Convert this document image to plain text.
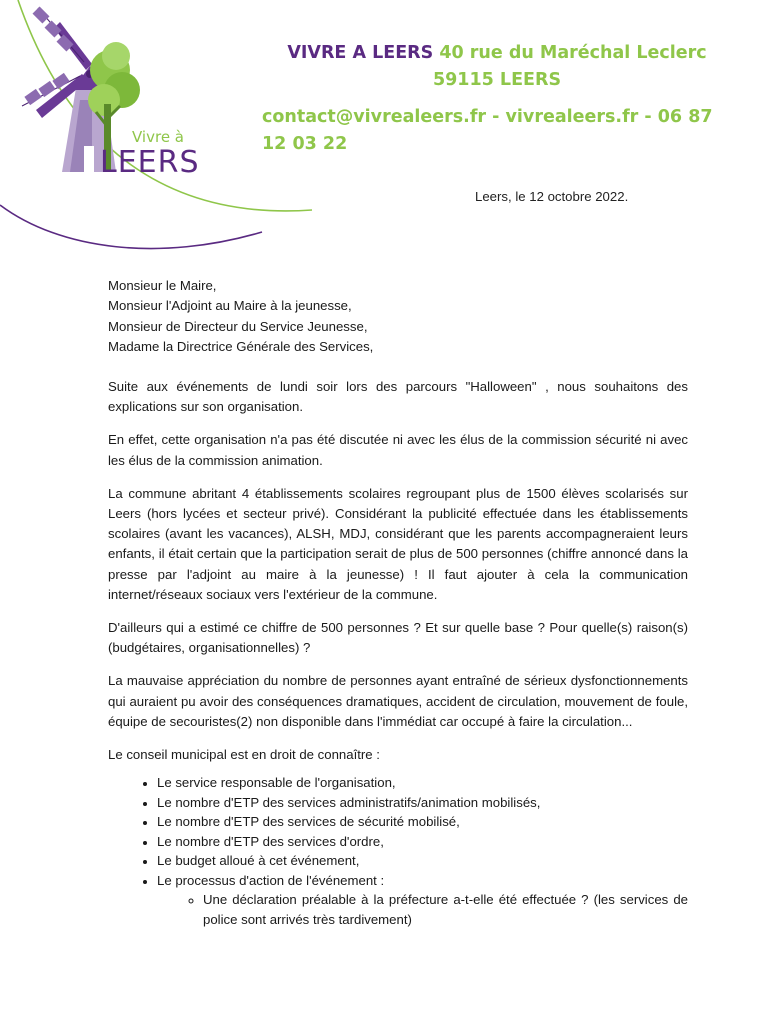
Vivre à
LEERS
VIVRE A LEERS 40 rue du Maréchal Leclerc
59115 LEERS
contact@vivrealeers.fr - vivrealeers.fr - 06 87 12 03 22
Leers, le 12 octobre 2022.
Monsieur le Maire,
Monsieur l'Adjoint au Maire à la jeunesse,
Monsieur de Directeur du Service Jeunesse,
Madame la Directrice Générale des Services,

Suite aux événements de lundi soir lors des parcours "Halloween" , nous souhaitons des explications sur son organisation.

En effet, cette organisation n'a pas été discutée ni avec les élus de la commission sécurité ni avec les élus de la commission animation.

La commune abritant 4 établissements scolaires regroupant plus de 1500 élèves scolarisés sur Leers (hors lycées et secteur privé). Considérant la publicité effectuée dans les établissements scolaires (avant les vacances), ALSH, MDJ, considérant que les parents accompagneraient leurs enfants, il était certain que la participation serait de plus de 500 personnes (chiffre annoncé dans la presse par l'adjoint au maire à la jeunesse) ! Il faut ajouter à cela la communication internet/réseaux sociaux vers l'extérieur de la commune.

D'ailleurs qui a estimé ce chiffre de 500 personnes ? Et sur quelle base ? Pour quelle(s) raison(s) (budgétaires, organisationnelles) ?

La mauvaise appréciation du nombre de personnes ayant entraîné de sérieux dysfonctionnements qui auraient pu avoir des conséquences dramatiques, accident de circulation, mouvement de foule, équipe de secouristes(2) non disponible dans l'immédiat car occupé à faire la circulation...

Le conseil municipal est en droit de connaître :

• Le service responsable de l'organisation,
• Le nombre d'ETP des services administratifs/animation mobilisés,
• Le nombre d'ETP des services de sécurité mobilisé,
• Le nombre d'ETP des services d'ordre,
• Le budget alloué à cet événement,
• Le processus d'action de l'événement :
◦ Une déclaration préalable à la préfecture a-t-elle été effectuée ? (les services de police sont arrivés très tardivement)
